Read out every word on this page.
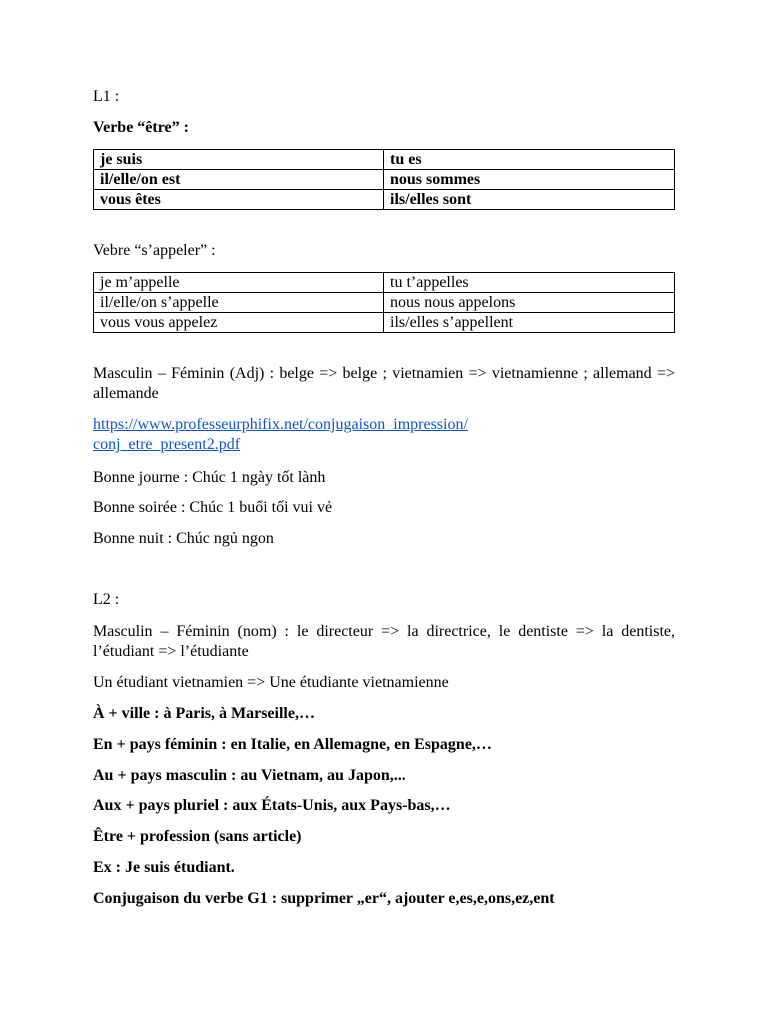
L1 :
Verbe “être” :
je suis	tu es
il/elle/on est	nous sommes
vous êtes	ils/elles sont
Vebre “s’appeler” :
je m’appelle	tu t’appelles
il/elle/on s’appelle	nous nous appelons
vous vous appelez	ils/elles s’appellent
Masculin – Féminin (Adj) : belge => belge ; vietnamien => vietnamienne ; allemand => allemande
https://www.professeurphifix.net/conjugaison_impression/
conj_etre_present2.pdf
Bonne journe : Chúc 1 ngày tốt lành
Bonne soirée : Chúc 1 buổi tối vui vẻ
Bonne nuit : Chúc ngủ ngon
L2 :
Masculin – Féminin (nom) : le directeur => la directrice, le dentiste => la dentiste, l’étudiant => l’étudiante
Un étudiant vietnamien => Une étudiante vietnamienne
À + ville : à Paris, à Marseille,…
En + pays féminin : en Italie, en Allemagne, en Espagne,…
Au + pays masculin : au Vietnam, au Japon,...
Aux + pays pluriel : aux États-Unis, aux Pays-bas,…
Être + profession (sans article)
Ex : Je suis étudiant.
Conjugaison du verbe G1 : supprimer „er“, ajouter e,es,e,ons,ez,ent
